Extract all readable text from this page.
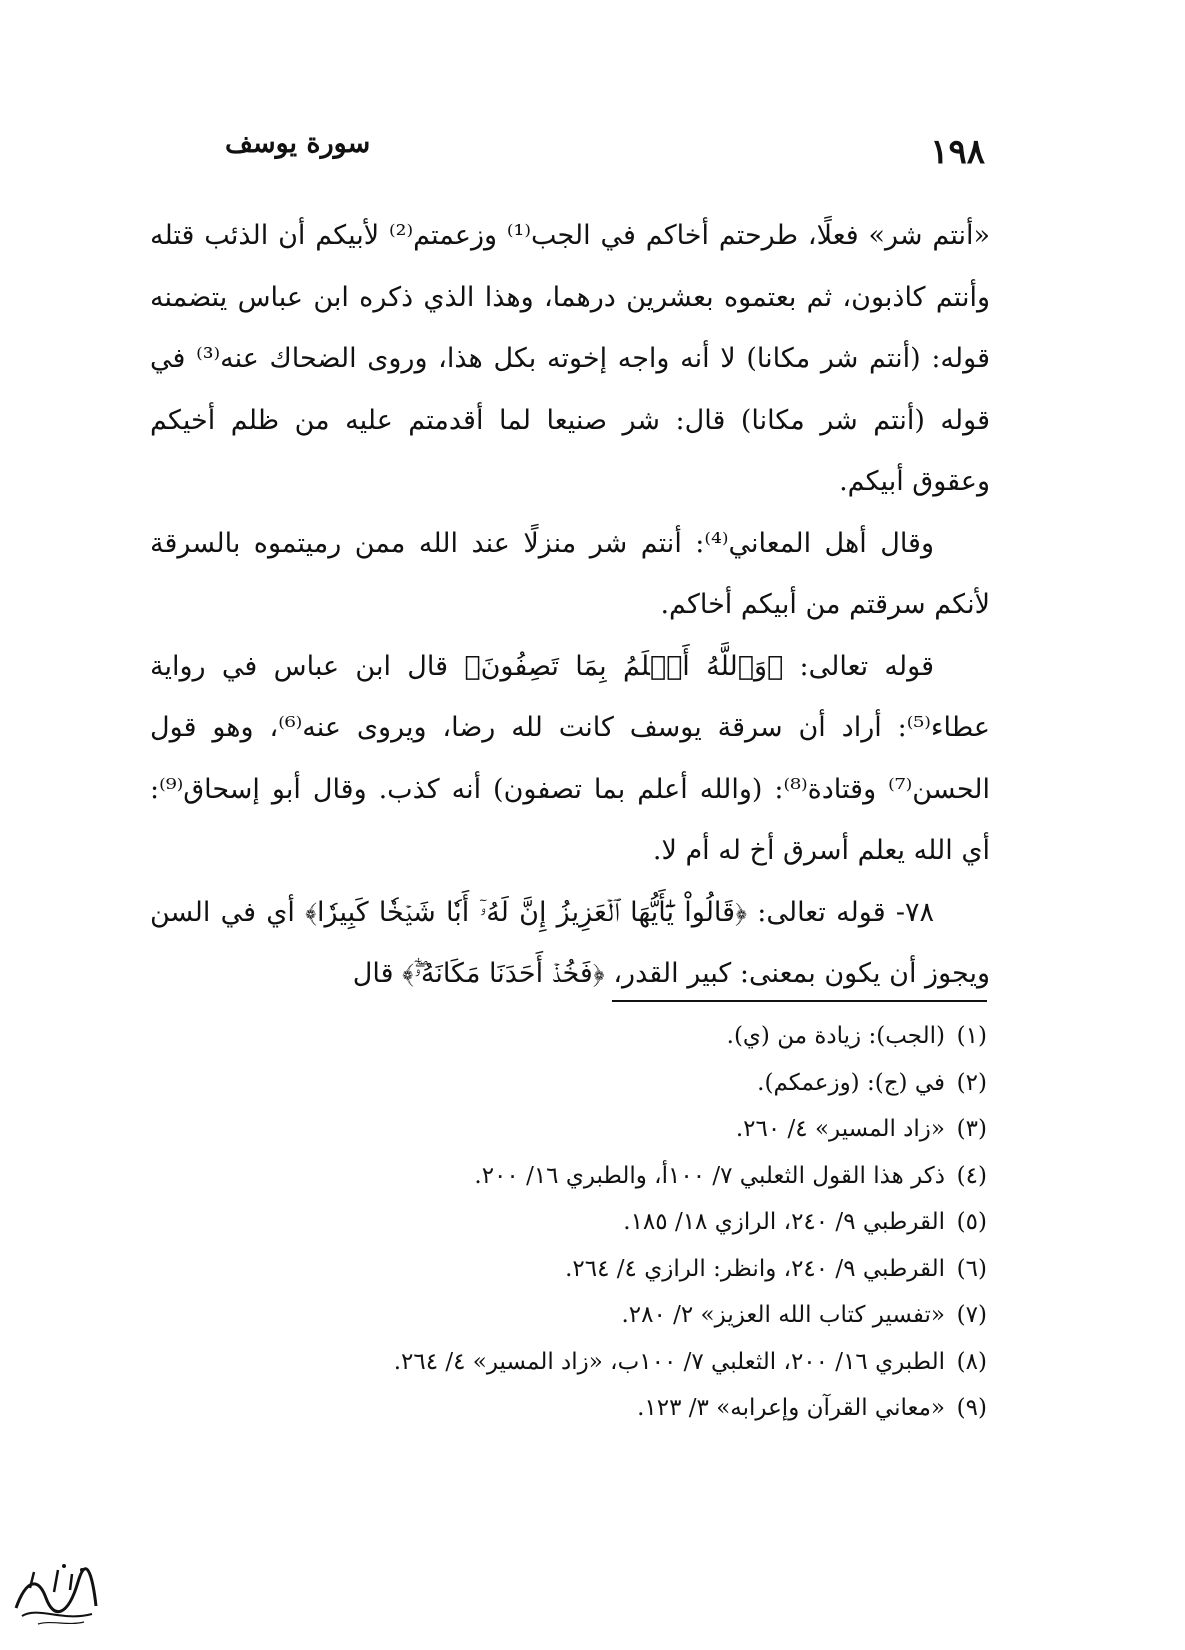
١٩٨
سورة يوسف

«أنتم شر» فعلًا، طرحتم أخاكم في الجب⁽¹⁾ وزعمتم⁽²⁾ لأبيكم أن الذئب قتله وأنتم كاذبون، ثم بعتموه بعشرين درهما، وهذا الذي ذكره ابن عباس يتضمنه قوله: (أنتم شر مكانا) لا أنه واجه إخوته بكل هذا، وروى الضحاك عنه⁽³⁾ في قوله (أنتم شر مكانا) قال: شر صنيعا لما أقدمتم عليه من ظلم أخيكم وعقوق أبيكم.

وقال أهل المعاني⁽⁴⁾: أنتم شر منزلًا عند الله ممن رميتموه بالسرقة لأنكم سرقتم من أبيكم أخاكم.

قوله تعالى: ﴿وَٱللَّهُ أَعۡلَمُ بِمَا تَصِفُونَ﴾ قال ابن عباس في رواية عطاء⁽⁵⁾: أراد أن سرقة يوسف كانت لله رضا، ويروى عنه⁽⁶⁾، وهو قول الحسن⁽⁷⁾ وقتادة⁽⁸⁾: (والله أعلم بما تصفون) أنه كذب. وقال أبو إسحاق⁽⁹⁾: أي الله يعلم أسرق أخ له أم لا.

٧٨- قوله تعالى: ﴿قَالُواْ يَٰٓأَيُّهَا ٱلۡعَزِيزُ إِنَّ لَهُۥٓ أَبٗا شَيۡخٗا كَبِيرٗا﴾ أي في السن ويجوز أن يكون بمعنى: كبير القدر، ﴿فَخُذۡ أَحَدَنَا مَكَانَهُۥٓۖ﴾ قال

(١)
(الجب): زيادة من (ي).
(٢)
في (ج): (وزعمكم).
(٣)
«زاد المسير» ٤/ ٢٦٠.
(٤)
ذكر هذا القول الثعلبي ٧/ ١٠٠أ، والطبري ١٦/ ٢٠٠.
(٥)
القرطبي ٩/ ٢٤٠، الرازي ١٨/ ١٨٥.
(٦)
القرطبي ٩/ ٢٤٠، وانظر: الرازي ٤/ ٢٦٤.
(٧)
«تفسير كتاب الله العزيز» ٢/ ٢٨٠.
(٨)
الطبري ١٦/ ٢٠٠، الثعلبي ٧/ ١٠٠ب، «زاد المسير» ٤/ ٢٦٤.
(٩)
«معاني القرآن وإعرابه» ٣/ ١٢٣.
